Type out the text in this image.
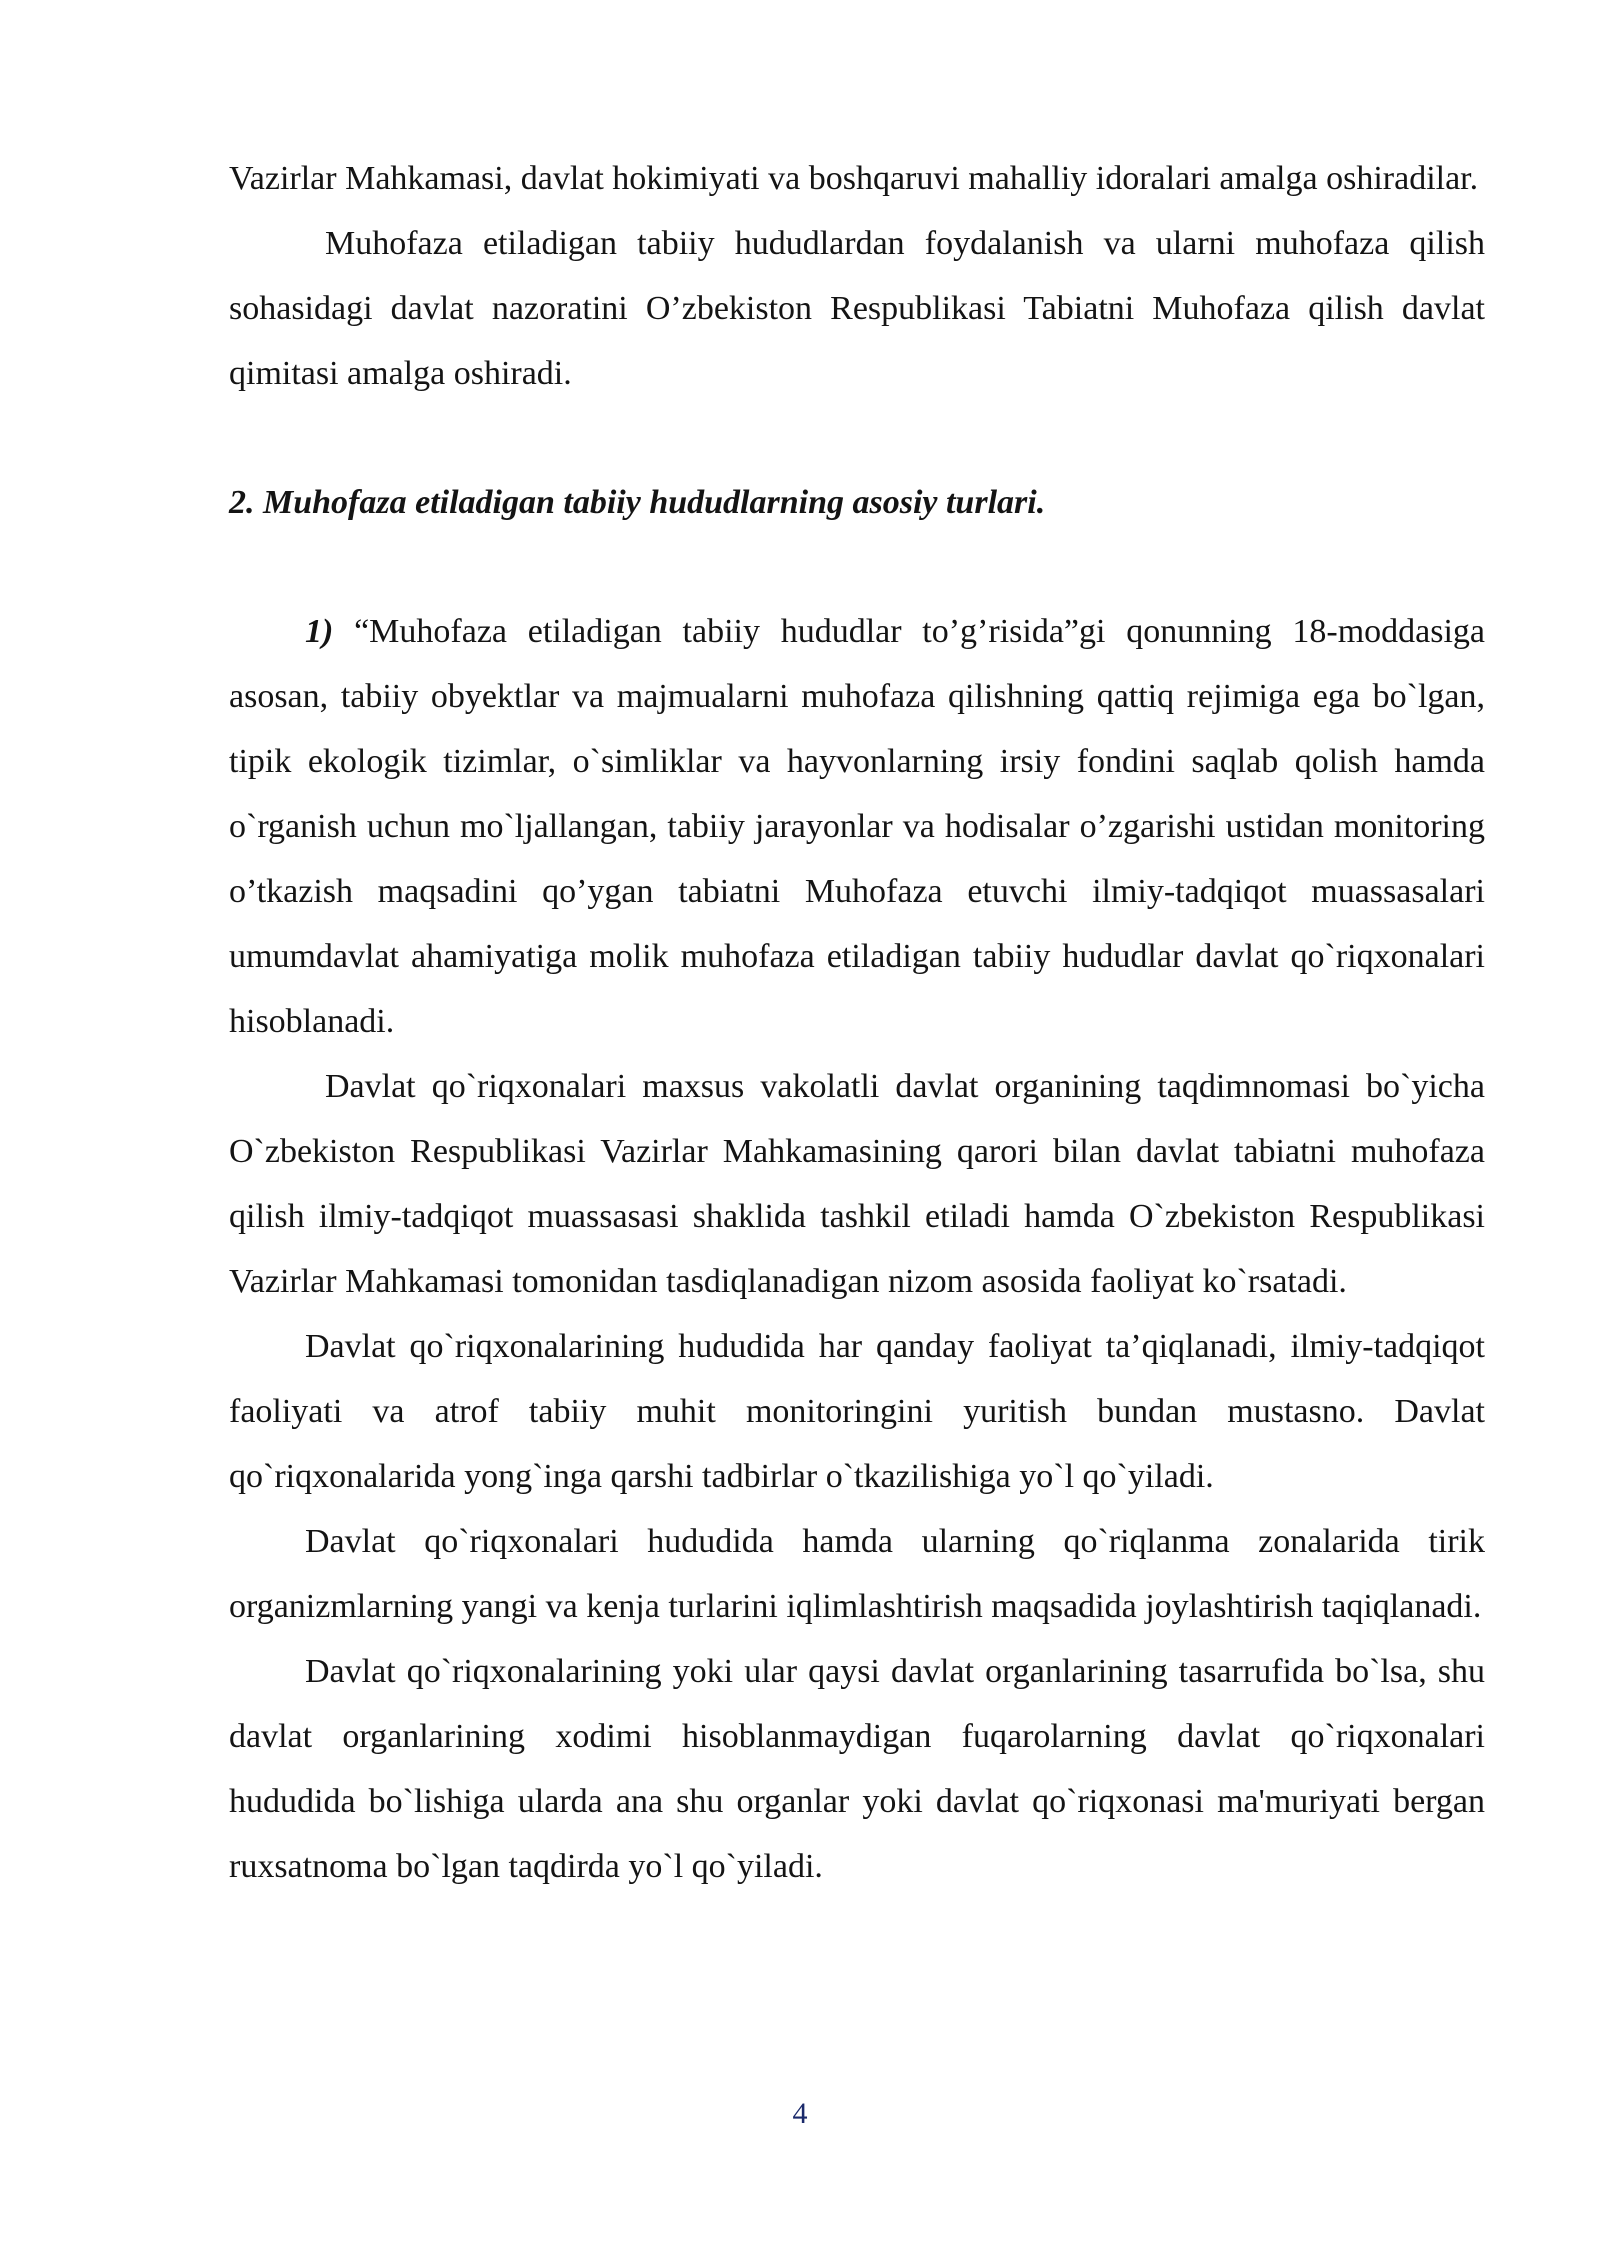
Vazirlar Mahkamasi, davlat hokimiyati va boshqaruvi mahalliy idoralari amalga oshiradilar.

Muhofaza etiladigan tabiiy hududlardan foydalanish va ularni muhofaza qilish sohasidagi davlat nazoratini O’zbekiston Respublikasi Tabiatni Muhofaza qilish davlat qimitasi amalga oshiradi.

2. Muhofaza etiladigan tabiiy hududlarning asosiy turlari.

1) “Muhofaza etiladigan tabiiy hududlar to’g’risida”gi qonunning 18-moddasiga asosan, tabiiy obyektlar va majmualarni muhofaza qilishning qattiq rejimiga ega bo`lgan, tipik ekologik tizimlar, o`simliklar va hayvonlarning irsiy fondini saqlab qolish hamda o`rganish uchun mo`ljallangan, tabiiy jarayonlar va hodisalar o’zgarishi ustidan monitoring o’tkazish maqsadini qo’ygan tabiatni Muhofaza etuvchi ilmiy-tadqiqot muassasalari umumdavlat ahamiyatiga molik muhofaza etiladigan tabiiy hududlar davlat qo`riqxonalari hisoblanadi.

Davlat qo`riqxonalari maxsus vakolatli davlat organining taqdimnomasi bo`yicha O`zbekiston Respublikasi Vazirlar Mahkamasining qarori bilan davlat tabiatni muhofaza qilish ilmiy-tadqiqot muassasasi shaklida tashkil etiladi hamda O`zbekiston Respublikasi Vazirlar Mahkamasi tomonidan tasdiqlanadigan nizom asosida faoliyat ko`rsatadi.

Davlat qo`riqxonalarining hududida har qanday faoliyat ta’qiqlanadi, ilmiy-tadqiqot faoliyati va atrof tabiiy muhit monitoringini yuritish bundan mustasno. Davlat qo`riqxonalarida yong`inga qarshi tadbirlar o`tkazilishiga yo`l qo`yiladi.

Davlat qo`riqxonalari hududida hamda ularning qo`riqlanma zonalarida tirik organizmlarning yangi va kenja turlarini iqlimlashtirish maqsadida joylashtirish taqiqlanadi.

Davlat qo`riqxonalarining yoki ular qaysi davlat organlarining tasarrufida bo`lsa, shu davlat organlarining xodimi hisoblanmaydigan fuqarolarning davlat qo`riqxonalari hududida bo`lishiga ularda ana shu organlar yoki davlat qo`riqxonasi ma'muriyati bergan ruxsatnoma bo`lgan taqdirda yo`l qo`yiladi.

4
